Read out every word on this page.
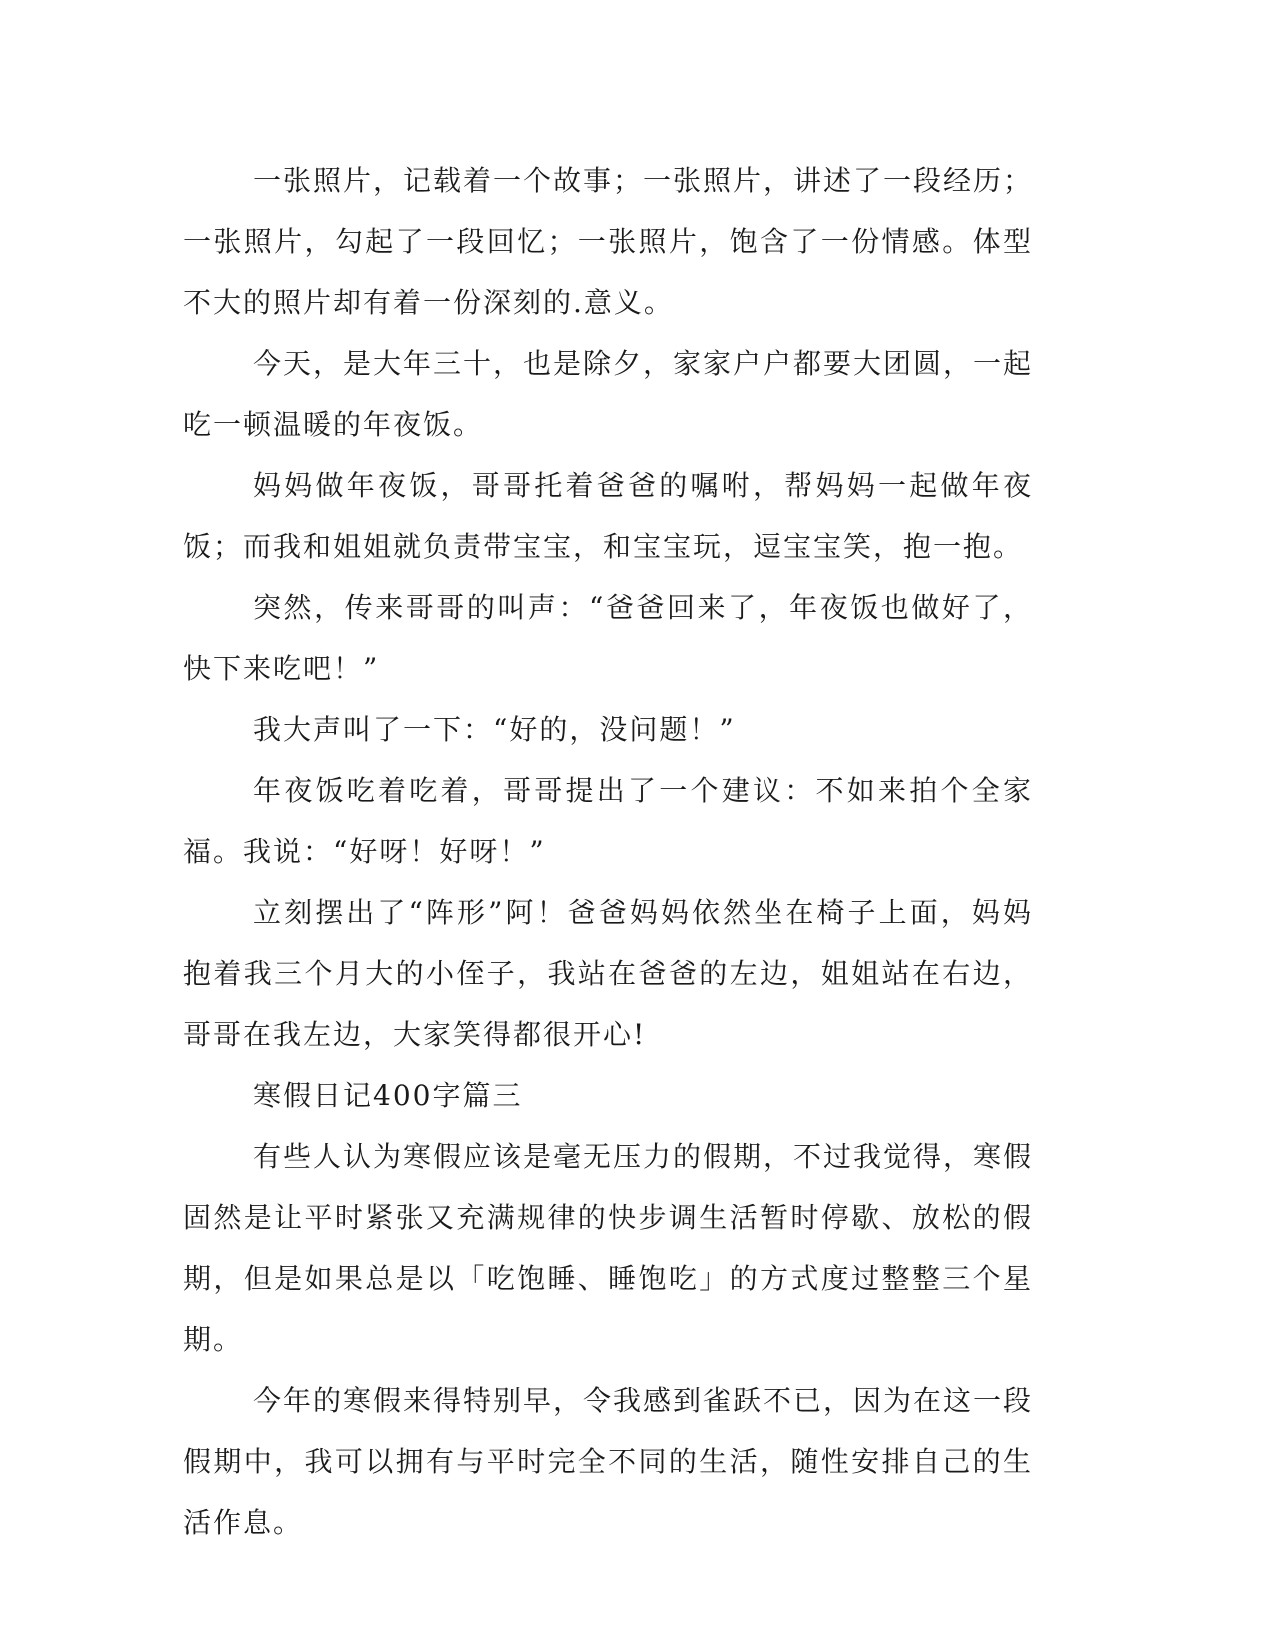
一张照片，记载着一个故事；一张照片，讲述了一段经历；一张照片，勾起了一段回忆；一张照片，饱含了一份情感。体型不大的照片却有着一份深刻的.意义。

今天，是大年三十，也是除夕，家家户户都要大团圆，一起吃一顿温暖的年夜饭。

妈妈做年夜饭，哥哥托着爸爸的嘱咐，帮妈妈一起做年夜饭；而我和姐姐就负责带宝宝，和宝宝玩，逗宝宝笑，抱一抱。

突然，传来哥哥的叫声：“爸爸回来了，年夜饭也做好了，快下来吃吧！”

我大声叫了一下：“好的，没问题！”

年夜饭吃着吃着，哥哥提出了一个建议：不如来拍个全家福。我说：“好呀！好呀！”

立刻摆出了“阵形”阿！爸爸妈妈依然坐在椅子上面，妈妈抱着我三个月大的小侄子，我站在爸爸的左边，姐姐站在右边，哥哥在我左边，大家笑得都很开心!

寒假日记400字篇三

有些人认为寒假应该是毫无压力的假期，不过我觉得，寒假固然是让平时紧张又充满规律的快步调生活暂时停歇、放松的假期，但是如果总是以「吃饱睡、睡饱吃」的方式度过整整三个星期。

今年的寒假来得特别早，令我感到雀跃不已，因为在这一段假期中，我可以拥有与平时完全不同的生活，随性安排自己的生活作息。
